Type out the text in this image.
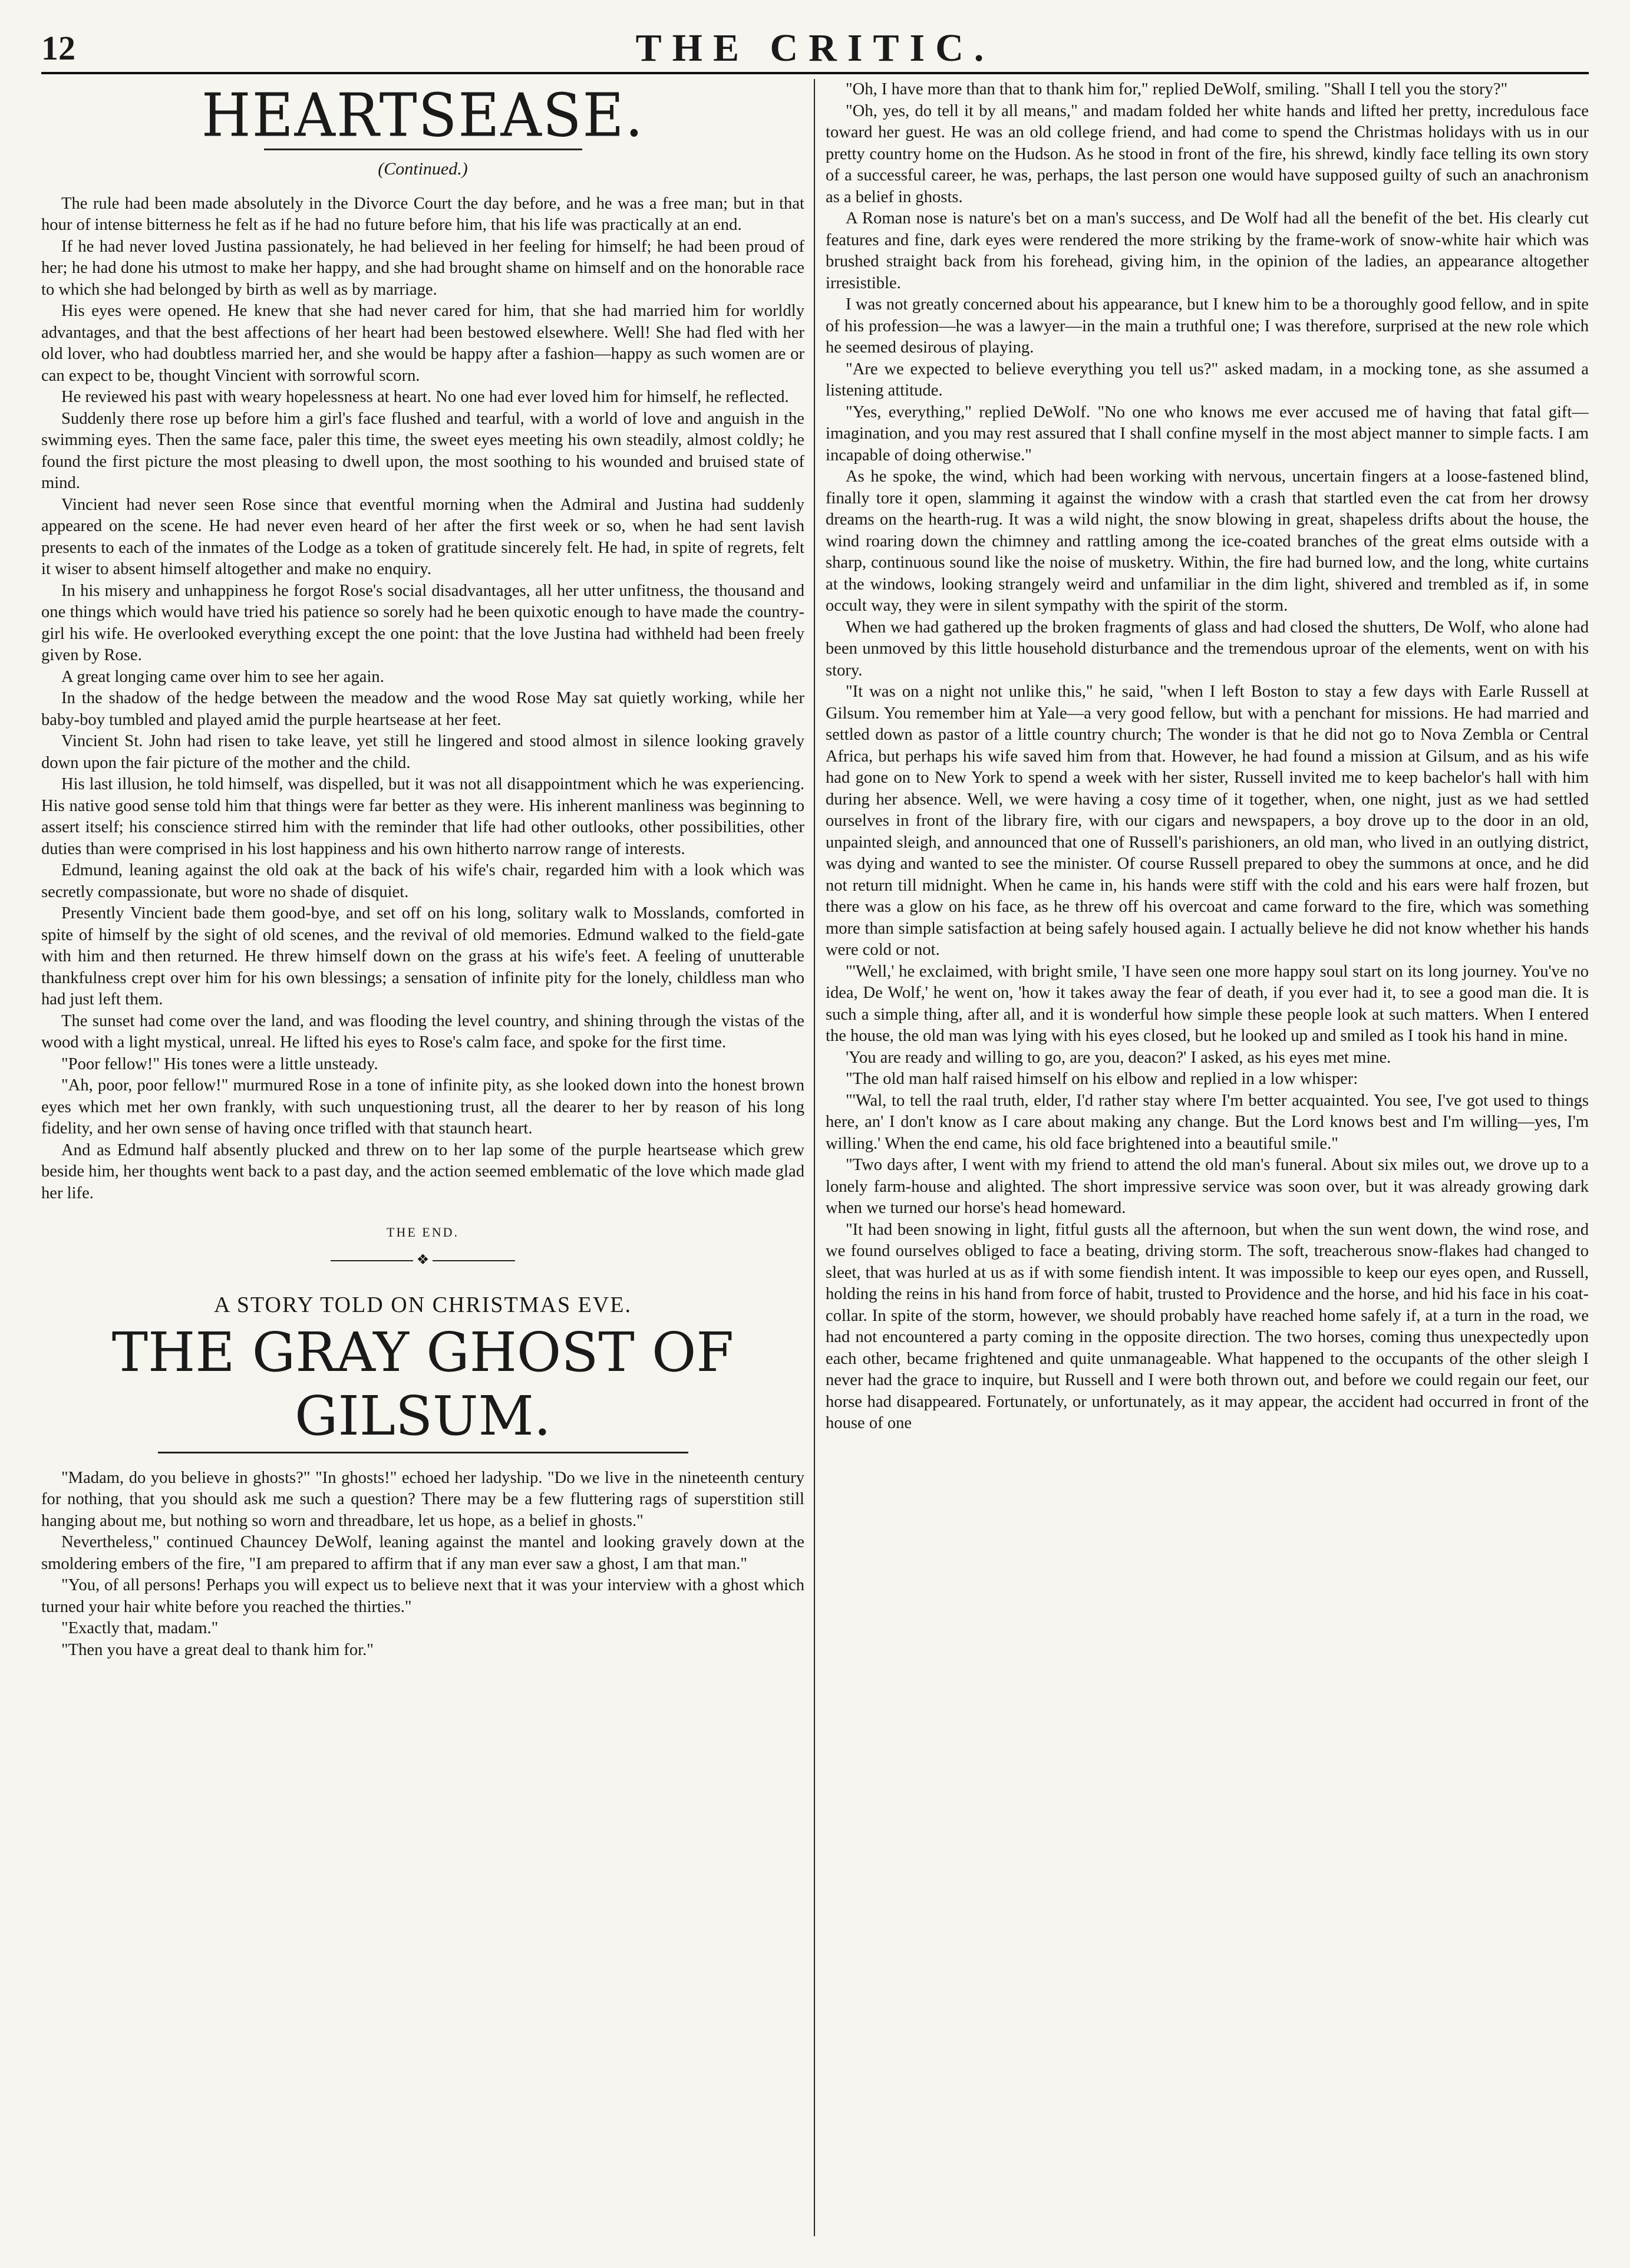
12	THE CRITIC.
HEARTSEASE.
(Continued.)

The rule had been made absolutely in the Divorce Court the day before, and he was a free man; but in that hour of intense bitterness he felt as if he had no future before him, that his life was practically at an end.

If he had never loved Justina passionately, he had believed in her feeling for himself; he had been proud of her; he had done his utmost to make her happy, and she had brought shame on himself and on the honorable race to which she had belonged by birth as well as by marriage.

His eyes were opened. He knew that she had never cared for him, that she had married him for worldly advantages, and that the best affections of her heart had been bestowed elsewhere. Well! She had fled with her old lover, who had doubtless married her, and she would be happy after a fashion—happy as such women are or can expect to be, thought Vincient with sorrowful scorn.

He reviewed his past with weary hopelessness at heart. No one had ever loved him for himself, he reflected.

Suddenly there rose up before him a girl's face flushed and tearful, with a world of love and anguish in the swimming eyes. Then the same face, paler this time, the sweet eyes meeting his own steadily, almost coldly; he found the first picture the most pleasing to dwell upon, the most soothing to his wounded and bruised state of mind.

Vincient had never seen Rose since that eventful morning when the Admiral and Justina had suddenly appeared on the scene. He had never even heard of her after the first week or so, when he had sent lavish presents to each of the inmates of the Lodge as a token of gratitude sincerely felt. He had, in spite of regrets, felt it wiser to absent himself altogether and make no enquiry.

In his misery and unhappiness he forgot Rose's social disadvantages, all her utter unfitness, the thousand and one things which would have tried his patience so sorely had he been quixotic enough to have made the country-girl his wife. He overlooked everything except the one point: that the love Justina had withheld had been freely given by Rose.

A great longing came over him to see her again.

In the shadow of the hedge between the meadow and the wood Rose May sat quietly working, while her baby-boy tumbled and played amid the purple heartsease at her feet.

Vincient St. John had risen to take leave, yet still he lingered and stood almost in silence looking gravely down upon the fair picture of the mother and the child.

His last illusion, he told himself, was dispelled, but it was not all disappointment which he was experiencing. His native good sense told him that things were far better as they were. His inherent manliness was beginning to assert itself; his conscience stirred him with the reminder that life had other outlooks, other possibilities, other duties than were comprised in his lost happiness and his own hitherto narrow range of interests.

Edmund, leaning against the old oak at the back of his wife's chair, regarded him with a look which was secretly compassionate, but wore no shade of disquiet.

Presently Vincient bade them good-bye, and set off on his long, solitary walk to Mosslands, comforted in spite of himself by the sight of old scenes, and the revival of old memories. Edmund walked to the field-gate with him and then returned. He threw himself down on the grass at his wife's feet. A feeling of unutterable thankfulness crept over him for his own blessings; a sensation of infinite pity for the lonely, childless man who had just left them.

The sunset had come over the land, and was flooding the level country, and shining through the vistas of the wood with a light mystical, unreal. He lifted his eyes to Rose's calm face, and spoke for the first time.

"Poor fellow!" His tones were a little unsteady.

"Ah, poor, poor fellow!" murmured Rose in a tone of infinite pity, as she looked down into the honest brown eyes which met her own frankly, with such unquestioning trust, all the dearer to her by reason of his long fidelity, and her own sense of having once trifled with that staunch heart.

And as Edmund half absently plucked and threw on to her lap some of the purple heartsease which grew beside him, her thoughts went back to a past day, and the action seemed emblematic of the love which made glad her life.

THE END.
❖
A STORY TOLD ON CHRISTMAS EVE.
THE GRAY GHOST OF GILSUM.

"Madam, do you believe in ghosts?" "In ghosts!" echoed her ladyship. "Do we live in the nineteenth century for nothing, that you should ask me such a question? There may be a few fluttering rags of superstition still hanging about me, but nothing so worn and threadbare, let us hope, as a belief in ghosts."

Nevertheless," continued Chauncey DeWolf, leaning against the mantel and looking gravely down at the smoldering embers of the fire, "I am prepared to affirm that if any man ever saw a ghost, I am that man."

"You, of all persons! Perhaps you will expect us to believe next that it was your interview with a ghost which turned your hair white before you reached the thirties."

"Exactly that, madam."

"Then you have a great deal to thank him for."

"Oh, I have more than that to thank him for," replied DeWolf, smiling. "Shall I tell you the story?"

"Oh, yes, do tell it by all means," and madam folded her white hands and lifted her pretty, incredulous face toward her guest. He was an old college friend, and had come to spend the Christmas holidays with us in our pretty country home on the Hudson. As he stood in front of the fire, his shrewd, kindly face telling its own story of a successful career, he was, perhaps, the last person one would have supposed guilty of such an anachronism as a belief in ghosts.

A Roman nose is nature's bet on a man's success, and De Wolf had all the benefit of the bet. His clearly cut features and fine, dark eyes were rendered the more striking by the frame-work of snow-white hair which was brushed straight back from his forehead, giving him, in the opinion of the ladies, an appearance altogether irresistible.

I was not greatly concerned about his appearance, but I knew him to be a thoroughly good fellow, and in spite of his profession—he was a lawyer—in the main a truthful one; I was therefore, surprised at the new role which he seemed desirous of playing.

"Are we expected to believe everything you tell us?" asked madam, in a mocking tone, as she assumed a listening attitude.

"Yes, everything," replied DeWolf. "No one who knows me ever accused me of having that fatal gift—imagination, and you may rest assured that I shall confine myself in the most abject manner to simple facts. I am incapable of doing otherwise."

As he spoke, the wind, which had been working with nervous, uncertain fingers at a loose-fastened blind, finally tore it open, slamming it against the window with a crash that startled even the cat from her drowsy dreams on the hearth-rug. It was a wild night, the snow blowing in great, shapeless drifts about the house, the wind roaring down the chimney and rattling among the ice-coated branches of the great elms outside with a sharp, continuous sound like the noise of musketry. Within, the fire had burned low, and the long, white curtains at the windows, looking strangely weird and unfamiliar in the dim light, shivered and trembled as if, in some occult way, they were in silent sympathy with the spirit of the storm.

When we had gathered up the broken fragments of glass and had closed the shutters, De Wolf, who alone had been unmoved by this little household disturbance and the tremendous uproar of the elements, went on with his story.

"It was on a night not unlike this," he said, "when I left Boston to stay a few days with Earle Russell at Gilsum. You remember him at Yale—a very good fellow, but with a penchant for missions. He had married and settled down as pastor of a little country church; The wonder is that he did not go to Nova Zembla or Central Africa, but perhaps his wife saved him from that. However, he had found a mission at Gilsum, and as his wife had gone on to New York to spend a week with her sister, Russell invited me to keep bachelor's hall with him during her absence. Well, we were having a cosy time of it together, when, one night, just as we had settled ourselves in front of the library fire, with our cigars and newspapers, a boy drove up to the door in an old, unpainted sleigh, and announced that one of Russell's parishioners, an old man, who lived in an outlying district, was dying and wanted to see the minister. Of course Russell prepared to obey the summons at once, and he did not return till midnight. When he came in, his hands were stiff with the cold and his ears were half frozen, but there was a glow on his face, as he threw off his overcoat and came forward to the fire, which was something more than simple satisfaction at being safely housed again. I actually believe he did not know whether his hands were cold or not.

"'Well,' he exclaimed, with bright smile, 'I have seen one more happy soul start on its long journey. You've no idea, De Wolf,' he went on, 'how it takes away the fear of death, if you ever had it, to see a good man die. It is such a simple thing, after all, and it is wonderful how simple these people look at such matters. When I entered the house, the old man was lying with his eyes closed, but he looked up and smiled as I took his hand in mine.

'You are ready and willing to go, are you, deacon?' I asked, as his eyes met mine.

"The old man half raised himself on his elbow and replied in a low whisper:

"'Wal, to tell the raal truth, elder, I'd rather stay where I'm better acquainted. You see, I've got used to things here, an' I don't know as I care about making any change. But the Lord knows best and I'm willing—yes, I'm willing.' When the end came, his old face brightened into a beautiful smile."

"Two days after, I went with my friend to attend the old man's funeral. About six miles out, we drove up to a lonely farm-house and alighted. The short impressive service was soon over, but it was already growing dark when we turned our horse's head homeward.

"It had been snowing in light, fitful gusts all the afternoon, but when the sun went down, the wind rose, and we found ourselves obliged to face a beating, driving storm. The soft, treacherous snow-flakes had changed to sleet, that was hurled at us as if with some fiendish intent. It was impossible to keep our eyes open, and Russell, holding the reins in his hand from force of habit, trusted to Providence and the horse, and hid his face in his coat-collar. In spite of the storm, however, we should probably have reached home safely if, at a turn in the road, we had not encountered a party coming in the opposite direction. The two horses, coming thus unexpectedly upon each other, became frightened and quite unmanageable. What happened to the occupants of the other sleigh I never had the grace to inquire, but Russell and I were both thrown out, and before we could regain our feet, our horse had disappeared. Fortunately, or unfortunately, as it may appear, the accident had occurred in front of the house of one
